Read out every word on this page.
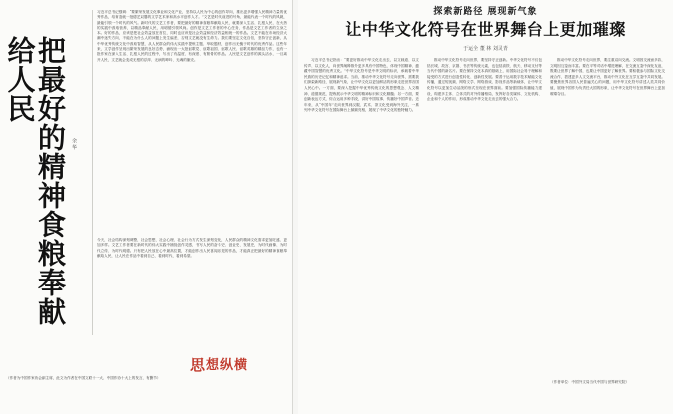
把最好的精神食粮奉献给人民
余 华
习近平总书记强调：“要繁荣发展文化事业和文化产业，坚持以人民为中心的创作导向，推出更多增强人民精神力量的优秀作品，培育造就一批德艺双馨的文学艺术家和高水平创作人才。”文艺是时代前进的号角，最能代表一个时代的风貌，最能引领一个时代的风气。新时代的文艺工作者，要把最好的精神食粮奉献给人民，就要深入生活、扎根人民，在火热的实践中汲取营养，以精品奉献人民，用明德引领风尚。创作是文艺工作者的中心任务，作品是文艺工作者的立身之本。好的作品，应该是把社会效益放在首位，同时也应该是社会效益和经济效益相统一的作品。文艺不能在市场经济大潮中迷失方向，不能在为什么人的问题上发生偏差，否则文艺就没有生命力。我们要坚定文化自信，坚持守正创新，从中华优秀传统文化中汲取智慧，从人民群众的伟大实践中提炼主题、萃取题材，创作出无愧于时代的优秀作品。这些年来，文学创作呈现出繁荣发展的良好态势，涌现出一大批讴歌党、讴歌祖国、讴歌人民、讴歌英雄的精品力作，也有一批作家在深入生活、扎根人民的过程中，写出了有温度、有深度、有筋骨的作品。人民是文艺创作的源头活水，一旦离开人民，文艺就会变成无根的浮萍、无病的呻吟、无魂的躯壳。
今天，社会结构深刻调整，社会思想、社会心理、社会行为方式发生深刻变化，人民群众的精神文化需求更加旺盛、更加多样。文艺工作者要在新时代的伟大实践中捕捉创作灵感，书写人民的奋斗史、创业史、发展史，为时代画像、为时代立传、为时代明德。只有把人民放在心中最高位置，才能创作出人民喜闻乐见的作品，才能真正把最好的精神食粮奉献给人民，让人民在作品中看到自己、看到时代、看到希望。
思 想纵横
（作者为中国作家协会副主席，此文为作者在中国文联十一大、中国作协十大上的发言，有删节）
探索新路径 展现新气象
让中华文化符号在世界舞台上更加璀璨
于运全 董 林 刘灵青

习近平总书记指出：“要更好推动中华文化走出去，以文载道、以文传声、以文化人，向世界阐释推介更多具有中国特色、体现中国精神、蕴藏中国智慧的优秀文化。”中华文化符号是中华文明的标识，承载着中华民族的历史记忆和精神追求。当前，推动中华文化符号走向世界，需要我们探索新路径、展现新气象，让中华文化以更加鲜活的形象走进世界各国人民心中。一方面，要深入挖掘中华优秀传统文化的思想观念、人文精神、道德规范，提炼展示中华文明的精神标识和文化精髓；另一方面，要创新表达方式，综合运用多种手段，讲好中国故事、传播好中国声音。近年来，从“中国年”走向世界到汉服、武术、茶文化受到海外关注，一系列中华文化符号在国际舞台上频频亮相，展现了中华文化的独特魅力。

推动中华文化符号走向世界，要坚持守正创新。中华文化符号不仅包括长城、故宫、京剧、书法等传统元素，也包括高铁、航天、移动支付等当代中国的新名片。要在保持文化本真的基础上，用国际社会易于理解和接受的方式进行创造性转化、创新性发展。要善于运用数字技术赋能文化传播，通过短视频、网络文学、网络游戏、影视作品等新载体，让中华文化符号以更加生动活泼的形式呈现在世界面前。要加强国际传播能力建设，构建多主体、立体式的对外传播格局，发挥好各类媒体、文化机构、企业和个人的作用，形成推动中华文化走出去的强大合力。

推动中华文化符号走向世界，要注重双向交流。文明因交流而多彩，文明因互鉴而丰富。要在平等对话中增进理解，在交流互鉴中深化友谊，既要让世界了解中国，也要让中国更好了解世界。要积极参与国际文化交流合作，搭建更多人文交流平台，推动中外文化在互学互鉴中共同发展。要聚焦世界各国人民普遍关心的问题，用中华文化符号讲述人类共同价值，展现中国作为负责任大国的形象，让中华文化符号在世界舞台上更加璀璨夺目。

（作者单位：中国外文局当代中国与世界研究院）
